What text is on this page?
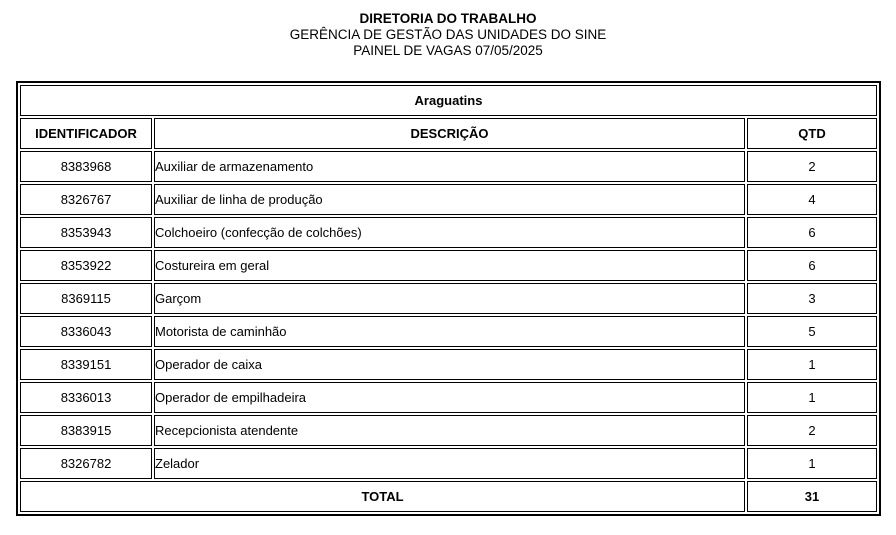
DIRETORIA DO TRABALHO
GERÊNCIA DE GESTÃO DAS UNIDADES DO SINE
PAINEL DE VAGAS 07/05/2025
Araguatins		
IDENTIFICADOR	DESCRIÇÃO	QTD
8383968	Auxiliar de armazenamento	2
8326767	Auxiliar de linha de produção	4
8353943	Colchoeiro (confecção de colchões)	6
8353922	Costureira em geral	6
8369115	Garçom	3
8336043	Motorista de caminhão	5
8339151	Operador de caixa	1
8336013	Operador de empilhadeira	1
8383915	Recepcionista atendente	2
8326782	Zelador	1
TOTAL		31
